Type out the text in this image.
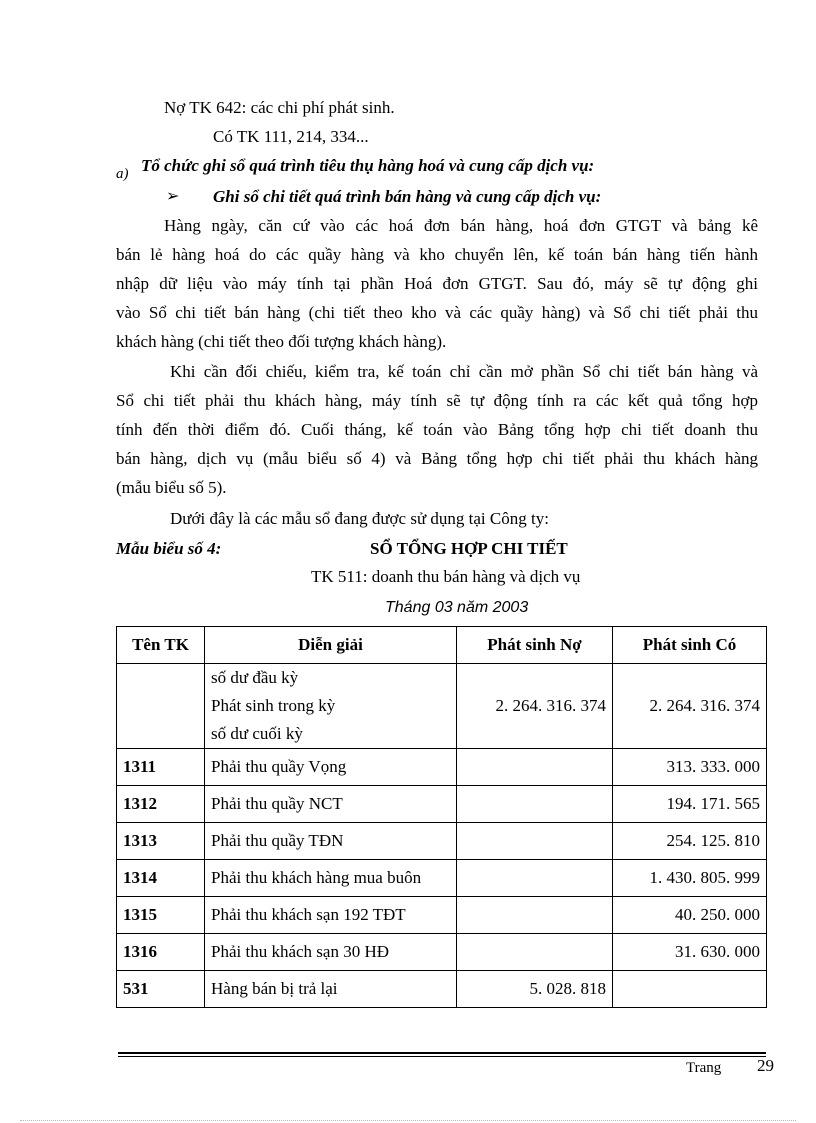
Nợ TK 642: các chi phí phát sinh.
Có TK 111, 214, 334...
a) Tổ chức ghi sổ quá trình tiêu thụ hàng hoá và cung cấp dịch vụ:
➢ Ghi sổ chi tiết quá trình bán hàng và cung cấp dịch vụ:
Hàng ngày, căn cứ vào các hoá đơn bán hàng, hoá đơn GTGT và bảng kê
bán lẻ hàng hoá do các quầy hàng và kho chuyển lên, kế toán bán hàng tiến hành
nhập dữ liệu vào máy tính tại phần Hoá đơn GTGT. Sau đó, máy sẽ tự động ghi
vào Sổ chi tiết bán hàng (chi tiết theo kho và các quầy hàng) và Sổ chi tiết phải thu
khách hàng (chi tiết theo đối tượng khách hàng).
Khi cần đối chiếu, kiểm tra, kế toán chỉ cần mở phần Sổ chi tiết bán hàng và
Sổ chi tiết phải thu khách hàng, máy tính sẽ tự động tính ra các kết quả tổng hợp
tính đến thời điểm đó. Cuối tháng, kế toán vào Bảng tổng hợp chi tiết doanh thu
bán hàng, dịch vụ (mẫu biểu số 4) và Bảng tổng hợp chi tiết phải thu khách hàng
(mẫu biểu số 5).
Dưới đây là các mẫu sổ đang được sử dụng tại Công ty:
Mẫu biểu số 4:	SỔ TỔNG HỢP CHI TIẾT
TK 511: doanh thu bán hàng và dịch vụ
Tháng 03 năm 2003
Tên TK	Diễn giải	Phát sinh Nợ	Phát sinh Có

	số dư đầu kỳ
Phát sinh trong kỳ
số dư cuối kỳ	2. 264. 316. 374	2. 264. 316. 374
1311	Phải thu quầy Vọng		313. 333. 000
1312	Phải thu quầy NCT		194. 171. 565
1313	Phải thu quầy TĐN		254. 125. 810
1314	Phải thu khách hàng mua buôn		1. 430. 805. 999
1315	Phải thu khách sạn 192 TĐT		40. 250. 000
1316	Phải thu khách sạn 30 HĐ		31. 630. 000
531	Hàng bán bị trả lại	5. 028. 818	
Trang 29
